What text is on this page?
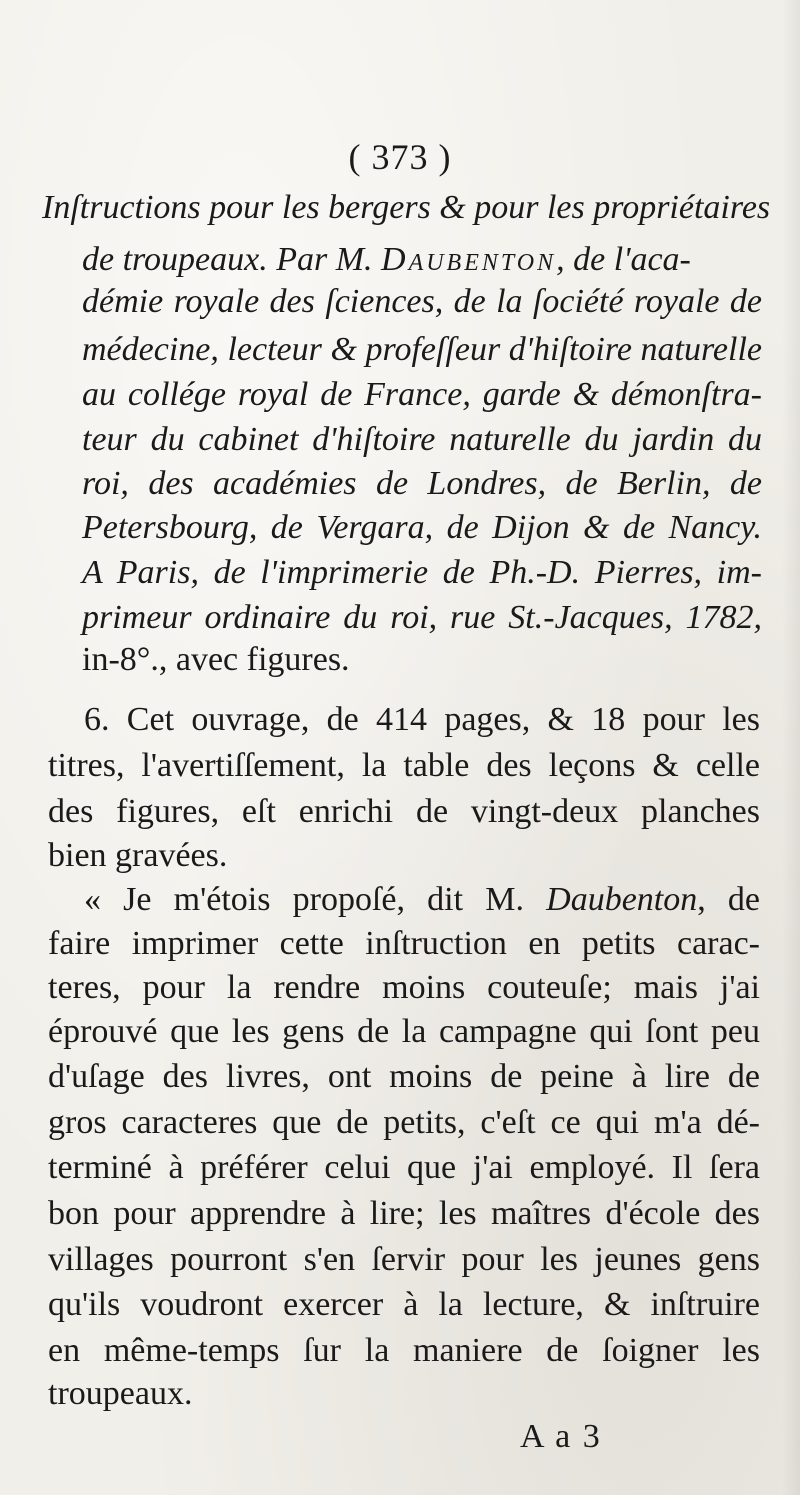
( 373 )
Inſtructions pour les bergers & pour les propriétaires
de troupeaux. Par M. Daubenton, de l'aca-
démie royale des ſciences, de la ſociété royale de
médecine, lecteur & profeſſeur d'hiſtoire naturelle
au collége royal de France, garde & démonſtra-
teur du cabinet d'hiſtoire naturelle du jardin du
roi, des académies de Londres, de Berlin, de
Petersbourg, de Vergara, de Dijon & de Nancy.
A Paris, de l'imprimerie de Ph.-D. Pierres, im-
primeur ordinaire du roi, rue St.-Jacques, 1782,
in-8°., avec figures.
6. Cet ouvrage, de 414 pages, & 18 pour les
titres, l'avertiſſement, la table des leçons & celle
des figures, eſt enrichi de vingt-deux planches
bien gravées.
« Je m'étois propoſé, dit M. Daubenton, de
faire imprimer cette inſtruction en petits carac-
teres, pour la rendre moins couteuſe; mais j'ai
éprouvé que les gens de la campagne qui ſont peu
d'uſage des livres, ont moins de peine à lire de
gros caracteres que de petits, c'eſt ce qui m'a dé-
terminé à préférer celui que j'ai employé. Il ſera
bon pour apprendre à lire; les maîtres d'école des
villages pourront s'en ſervir pour les jeunes gens
qu'ils voudront exercer à la lecture, & inſtruire
en même-temps ſur la maniere de ſoigner les
troupeaux.
A a 3
